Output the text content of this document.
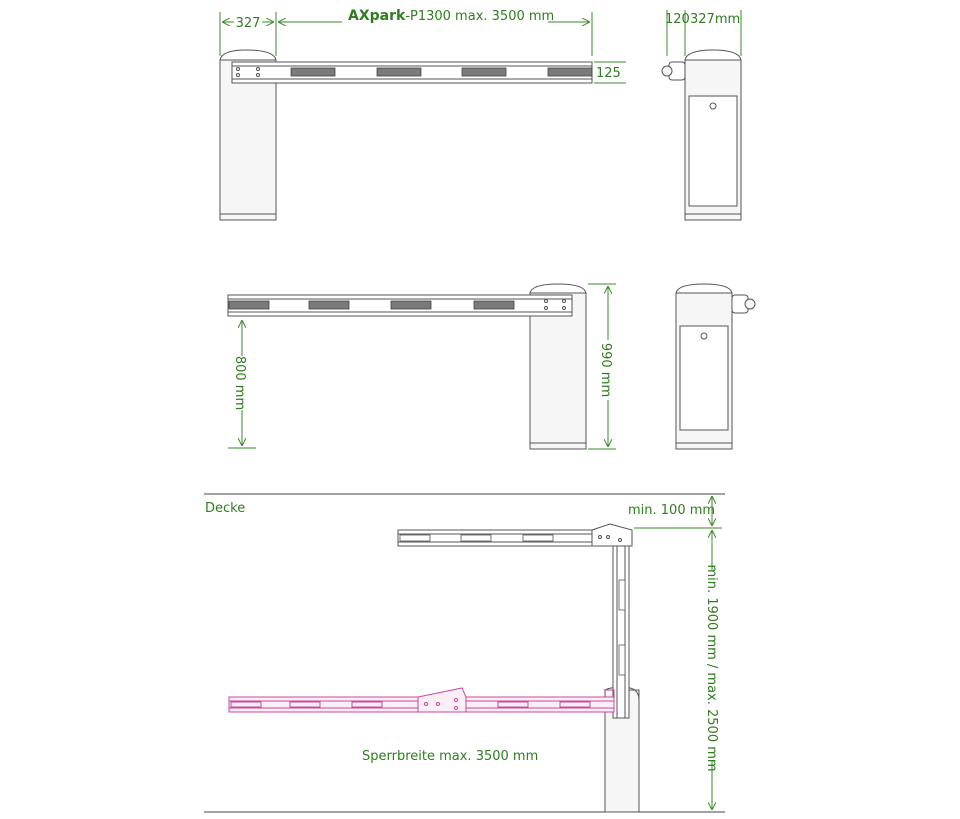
327	AXpark-P1300 max. 3500 mm
125
120 327mm
800 mm	990 mm
Decke
Sperrbreite max. 3500 mm
min. 100 mm
min. 1900 mm / max. 2500 mm
